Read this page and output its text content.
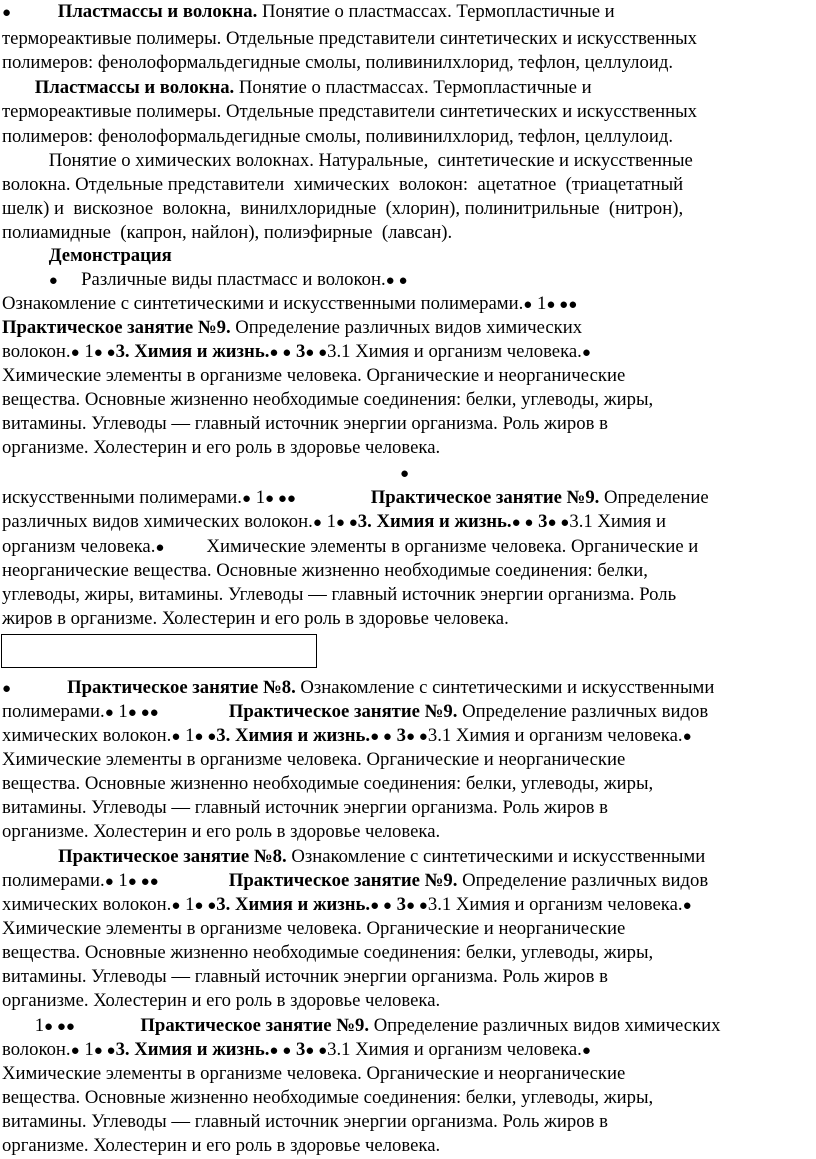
● Пластмассы и волокна. Понятие о пластмассах. Термопластичные и
термореактивые полимеры. Отдельные представители синтетических и искусственных
полимеров: фенолоформальдегидные смолы, поливинилхлорид, тефлон, целлулоид.
Пластмассы и волокна. Понятие о пластмассах. Термопластичные и
термореактивые полимеры. Отдельные представители синтетических и искусственных
полимеров: фенолоформальдегидные смолы, поливинилхлорид, тефлон, целлулоид.
Понятие о химических волокнах. Натуральные,  синтетические и искусственные
волокна. Отдельные представители  химических  волокон:  ацетатное  (триацетатный
шелк) и  вискозное  волокна,  винилхлоридные  (хлорин), полинитрильные  (нитрон),
полиамидные  (капрон, найлон), полиэфирные  (лавсан).
Демонстрация
●     Различные виды пластмасс и волокон.● ●
Ознакомление с синтетическими и искусственными полимерами.● 1● ●●
Практическое занятие №9. Определение различных видов химических
волокон.● 1● ●3. Химия и жизнь.● ● 3● ●3.1 Химия и организм человека.●
Химические элементы в организме человека. Органические и неорганические
вещества. Основные жизненно необходимые соединения: белки, углеводы, жиры,
витамины. Углеводы — главный источник энергии организма. Роль жиров в
организме. Холестерин и его роль в здоровье человека.
●
искусственными полимерами.● 1● ●●	Практическое занятие №9. Определение
различных видов химических волокон.● 1● ●3. Химия и жизнь.● ● 3● ●3.1 Химия и
организм человека.●         Химические элементы в организме человека. Органические и
неорганические вещества. Основные жизненно необходимые соединения: белки,
углеводы, жиры, витамины. Углеводы — главный источник энергии организма. Роль
жиров в организме. Холестерин и его роль в здоровье человека.
●	Практическое занятие №8. Ознакомление с синтетическими и искусственными
полимерами.● 1● ●●	Практическое занятие №9. Определение различных видов
химических волокон.● 1● ●3. Химия и жизнь.● ● 3● ●3.1 Химия и организм человека.●
Химические элементы в организме человека. Органические и неорганические
вещества. Основные жизненно необходимые соединения: белки, углеводы, жиры,
витамины. Углеводы — главный источник энергии организма. Роль жиров в
организме. Холестерин и его роль в здоровье человека.
Практическое занятие №8. Ознакомление с синтетическими и искусственными
полимерами.● 1● ●●	Практическое занятие №9. Определение различных видов
химических волокон.● 1● ●3. Химия и жизнь.● ● 3● ●3.1 Химия и организм человека.●
Химические элементы в организме человека. Органические и неорганические
вещества. Основные жизненно необходимые соединения: белки, углеводы, жиры,
витамины. Углеводы — главный источник энергии организма. Роль жиров в
организме. Холестерин и его роль в здоровье человека.
1● ●●	Практическое занятие №9. Определение различных видов химических
волокон.● 1● ●3. Химия и жизнь.● ● 3● ●3.1 Химия и организм человека.●
Химические элементы в организме человека. Органические и неорганические
вещества. Основные жизненно необходимые соединения: белки, углеводы, жиры,
витамины. Углеводы — главный источник энергии организма. Роль жиров в
организме. Холестерин и его роль в здоровье человека.
